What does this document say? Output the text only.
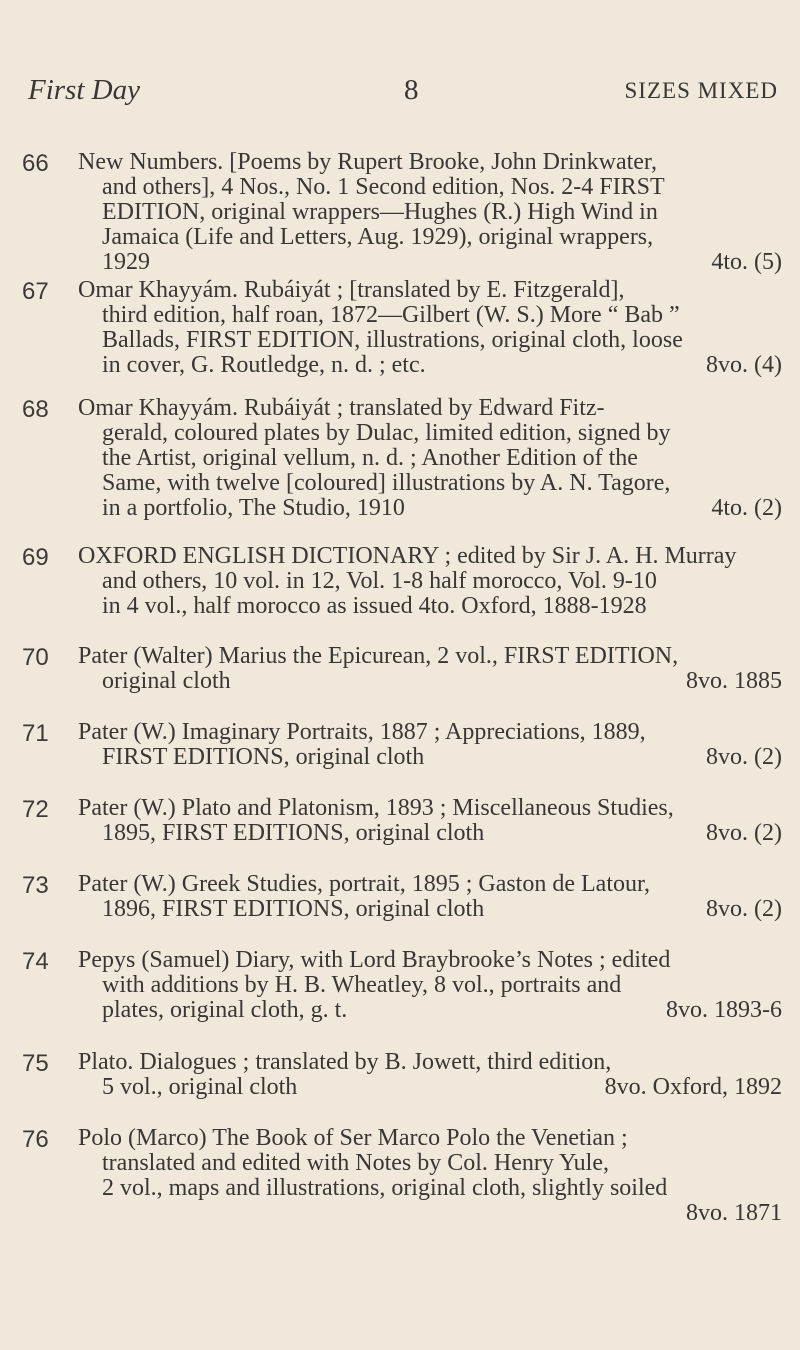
First Day	8	SIZES MIXED
66 New Numbers. [Poems by Rupert Brooke, John Drinkwater,
and others], 4 Nos., No. 1 Second edition, Nos. 2-4 FIRST
EDITION, original wrappers—Hughes (R.) High Wind in
Jamaica (Life and Letters, Aug. 1929), original wrappers,
1929	4to. (5)
67 Omar Khayyám. Rubáiyát ; [translated by E. Fitzgerald],
third edition, half roan, 1872—Gilbert (W. S.) More “ Bab ”
Ballads, FIRST EDITION, illustrations, original cloth, loose
in cover, G. Routledge, n. d. ; etc.	8vo. (4)
68 Omar Khayyám. Rubáiyát ; translated by Edward Fitz-
gerald, coloured plates by Dulac, limited edition, signed by
the Artist, original vellum, n. d. ; Another Edition of the
Same, with twelve [coloured] illustrations by A. N. Tagore,
in a portfolio, The Studio, 1910	4to. (2)
69 OXFORD ENGLISH DICTIONARY ; edited by Sir J. A. H. Murray
and others, 10 vol. in 12, Vol. 1-8 half morocco, Vol. 9-10
in 4 vol., half morocco as issued 4to. Oxford, 1888-1928
70 Pater (Walter) Marius the Epicurean, 2 vol., FIRST EDITION,
original cloth	8vo. 1885
71 Pater (W.) Imaginary Portraits, 1887 ; Appreciations, 1889,
FIRST EDITIONS, original cloth	8vo. (2)
72 Pater (W.) Plato and Platonism, 1893 ; Miscellaneous Studies,
1895, FIRST EDITIONS, original cloth	8vo. (2)
73 Pater (W.) Greek Studies, portrait, 1895 ; Gaston de Latour,
1896, FIRST EDITIONS, original cloth	8vo. (2)
74 Pepys (Samuel) Diary, with Lord Braybrooke’s Notes ; edited
with additions by H. B. Wheatley, 8 vol., portraits and
plates, original cloth, g. t.	8vo. 1893-6
75 Plato. Dialogues ; translated by B. Jowett, third edition,
5 vol., original cloth	8vo. Oxford, 1892
76 Polo (Marco) The Book of Ser Marco Polo the Venetian ;
translated and edited with Notes by Col. Henry Yule,
2 vol., maps and illustrations, original cloth, slightly soiled
8vo. 1871
